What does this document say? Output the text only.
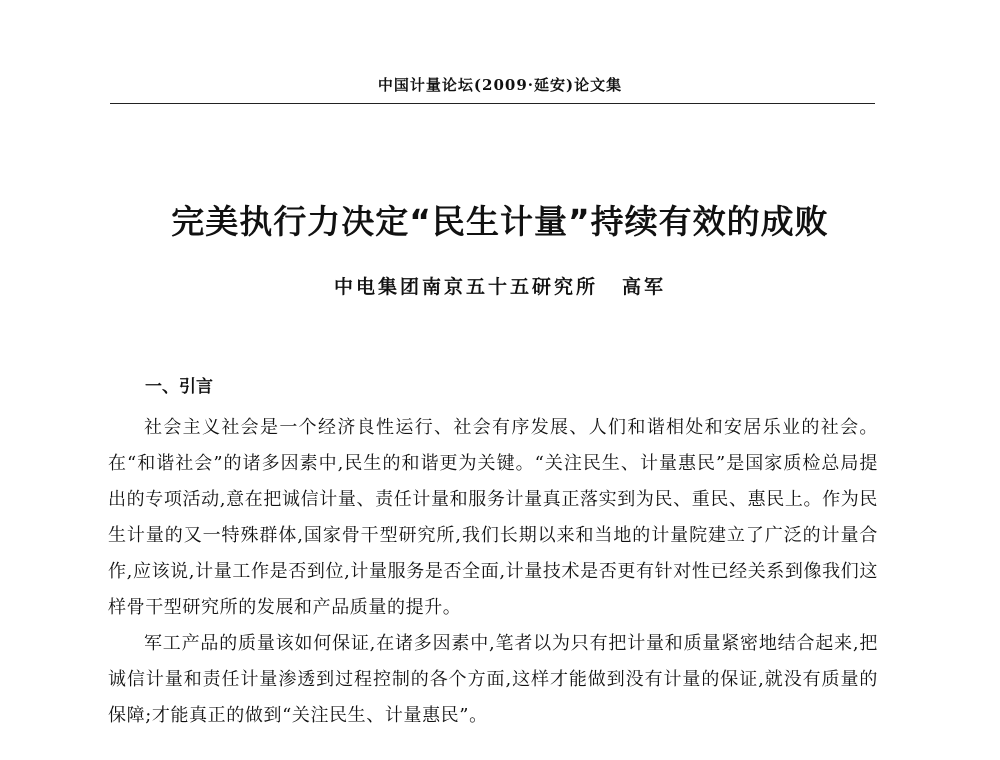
中国计量论坛(2009·延安)论文集
完美执行力决定“民生计量”持续有效的成败
中电集团南京五十五研究所 高军
一、引言

社会主义社会是一个经济良性运行、社会有序发展、人们和谐相处和安居乐业的社会。在“和谐社会”的诸多因素中,民生的和谐更为关键。“关注民生、计量惠民”是国家质检总局提出的专项活动,意在把诚信计量、责任计量和服务计量真正落实到为民、重民、惠民上。作为民生计量的又一特殊群体,国家骨干型研究所,我们长期以来和当地的计量院建立了广泛的计量合作,应该说,计量工作是否到位,计量服务是否全面,计量技术是否更有针对性已经关系到像我们这样骨干型研究所的发展和产品质量的提升。

军工产品的质量该如何保证,在诸多因素中,笔者以为只有把计量和质量紧密地结合起来,把诚信计量和责任计量渗透到过程控制的各个方面,这样才能做到没有计量的保证,就没有质量的保障;才能真正的做到“关注民生、计量惠民”。
